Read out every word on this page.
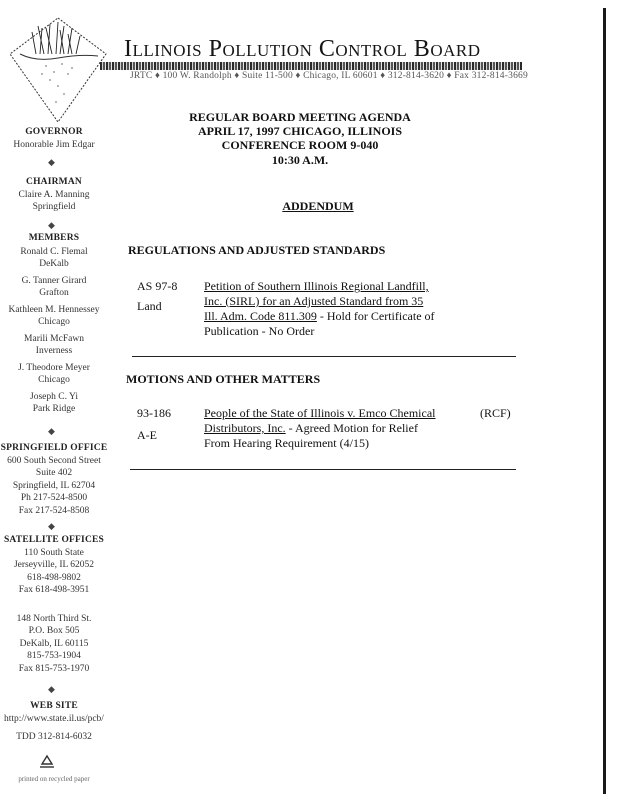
Illinois Pollution Control Board
JRTC ♦ 100 W. Randolph ♦ Suite 11-500 ♦ Chicago, IL 60601 ♦ 312-814-3620 ♦ Fax 312-814-3669
GOVERNOR
Honorable Jim Edgar
◆
CHAIRMAN
Claire A. Manning
Springfield
◆
MEMBERS
Ronald C. Flemal
DeKalb
G. Tanner Girard
Grafton
Kathleen M. Hennessey
Chicago
Marili McFawn
Inverness
J. Theodore Meyer
Chicago
Joseph C. Yi
Park Ridge
◆
SPRINGFIELD OFFICE
600 South Second Street
Suite 402
Springfield, IL 62704
Ph 217-524-8500
Fax 217-524-8508
◆
SATELLITE OFFICES
110 South State
Jerseyville, IL 62052
618-498-9802
Fax 618-498-3951
148 North Third St.
P.O. Box 505
DeKalb, IL 60115
815-753-1904
Fax 815-753-1970
◆
WEB SITE
http://www.state.il.us/pcb/
TDD 312-814-6032
printed on recycled paper
REGULAR BOARD MEETING AGENDA
APRIL 17, 1997 CHICAGO, ILLINOIS
CONFERENCE ROOM 9-040
10:30 A.M.
ADDENDUM
REGULATIONS AND ADJUSTED STANDARDS
AS 97-8
Land
Petition of Southern Illinois Regional Landfill,
Inc. (SIRL) for an Adjusted Standard from 35
Ill. Adm. Code 811.309 - Hold for Certificate of
Publication - No Order
MOTIONS AND OTHER MATTERS
93-186
A-E
People of the State of Illinois v. Emco Chemical
Distributors, Inc. - Agreed Motion for Relief
From Hearing Requirement (4/15)
(RCF)
